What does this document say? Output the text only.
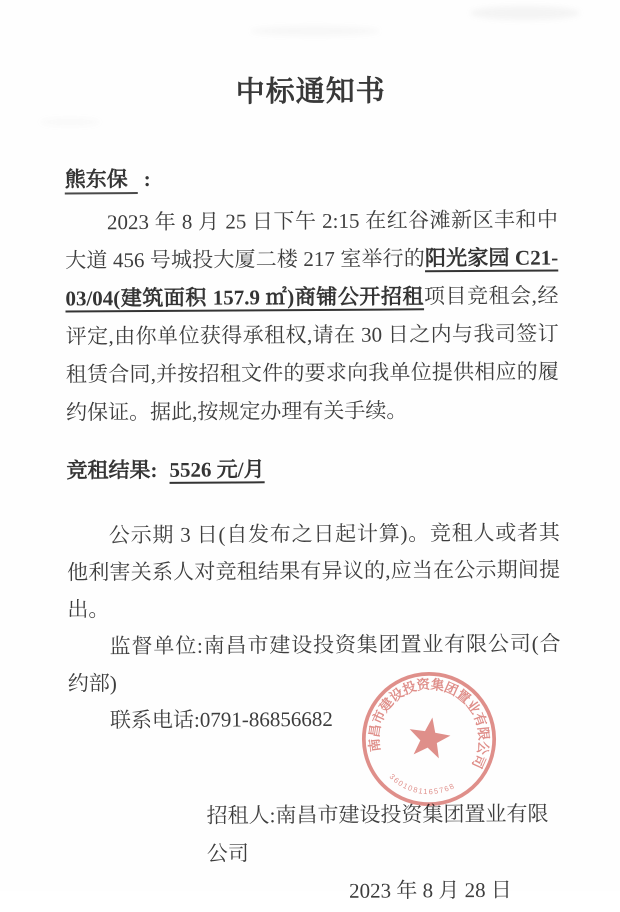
中标通知书
熊东保 :

2023 年 8 月 25 日下午 2:15 在红谷滩新区丰和中大道 456 号城投大厦二楼 217 室举行的阳光家园 C21-03/04(建筑面积 157.9 ㎡)商铺公开招租项目竞租会,经评定,由你单位获得承租权,请在 30 日之内与我司签订租赁合同,并按招租文件的要求向我单位提供相应的履约保证。据此,按规定办理有关手续。

竞租结果: 5526 元/月
公示期 3 日(自发布之日起计算)。竞租人或者其他利害关系人对竞租结果有异议的,应当在公示期间提出。
监督单位:南昌市建设投资集团置业有限公司(合约部)
联系电话:0791-86856682
招租人:南昌市建设投资集团置业有限公司
2023 年 8 月 28 日
南昌市建设投资集团置业有限公司
3601081165768
